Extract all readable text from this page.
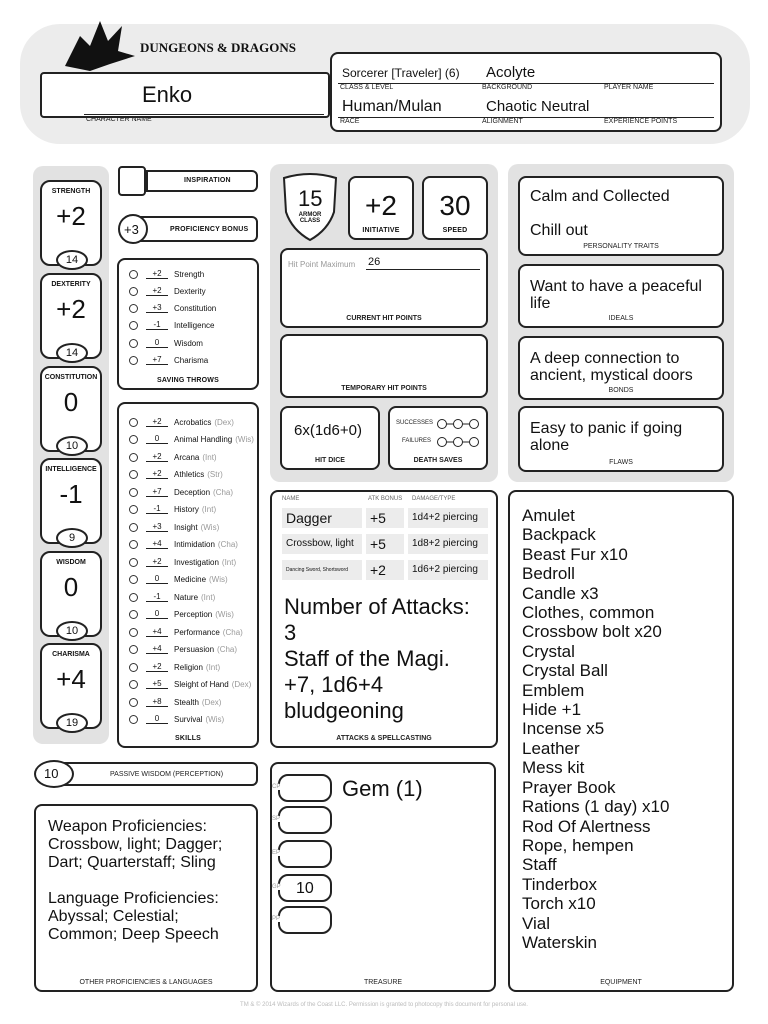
DUNGEONS & DRAGONS
Enko
CHARACTER NAME
Sorcerer [Traveler] (6) Acolyte
CLASS & LEVEL	BACKGROUND	PLAYER NAME
Human/Mulan	Chaotic Neutral
RACE	ALIGNMENT	EXPERIENCE POINTS
STRENGTH
+2
14
DEXTERITY
+2
14
CONSTITUTION
0
10
INTELLIGENCE
-1
9
WISDOM
0
10
CHARISMA
+4
19
INSPIRATION
+3	PROFICIENCY BONUS
+2	Strength
+2	Dexterity
+3	Constitution
-1	Intelligence
0	Wisdom
+7	Charisma
SAVING THROWS
+2	Acrobatics (Dex)
0	Animal Handling (Wis)
+2	Arcana (Int)
+2	Athletics (Str)
+7	Deception (Cha)
-1	History (Int)
+3	Insight (Wis)
+4	Intimidation (Cha)
+2	Investigation (Int)
0	Medicine (Wis)
-1	Nature (Int)
0	Perception (Wis)
+4	Performance (Cha)
+4	Persuasion (Cha)
+2	Religion (Int)
+5	Sleight of Hand (Dex)
+8	Stealth (Dex)
0	Survival (Wis)
SKILLS
10	PASSIVE WISDOM (PERCEPTION)
Weapon Proficiencies:
Crossbow, light; Dagger; Dart; Quarterstaff; Sling
Language Proficiencies:
Abyssal; Celestial; Common; Deep Speech
OTHER PROFICIENCIES & LANGUAGES
15
ARMOR CLASS	+2
INITIATIVE
30
SPEED
Hit Point Maximum 26
CURRENT HIT POINTS
TEMPORARY HIT POINTS
6x(1d6+0)
HIT DICE
SUCCESSES
FAILURES
DEATH SAVES
NAME	ATK BONUS DAMAGE/TYPE
Dagger	+5	1d4+2 piercing
Crossbow, light	+5	1d8+2 piercing
Dancing Sword, Shortsword	+2	1d6+2 piercing
Number of Attacks: 3
Staff of the Magi. +7, 1d6+4 bludgeoning
ATTACKS & SPELLCASTING
CP
SP
EP
GP 10
PP
Gem (1)
TREASURE
Calm and Collected

Chill out
PERSONALITY TRAITS
Want to have a peaceful life
IDEALS
A deep connection to ancient, mystical doors
BONDS
Easy to panic if going alone
FLAWS
Amulet
Backpack
Beast Fur x10
Bedroll
Candle x3
Clothes, common
Crossbow bolt x20
Crystal
Crystal Ball
Emblem
Hide +1
Incense x5
Leather
Mess kit
Prayer Book
Rations (1 day) x10
Rod Of Alertness
Rope, hempen
Staff
Tinderbox
Torch x10
Vial
Waterskin
EQUIPMENT
TM & © 2014 Wizards of the Coast LLC. Permission is granted to photocopy this document for personal use.
